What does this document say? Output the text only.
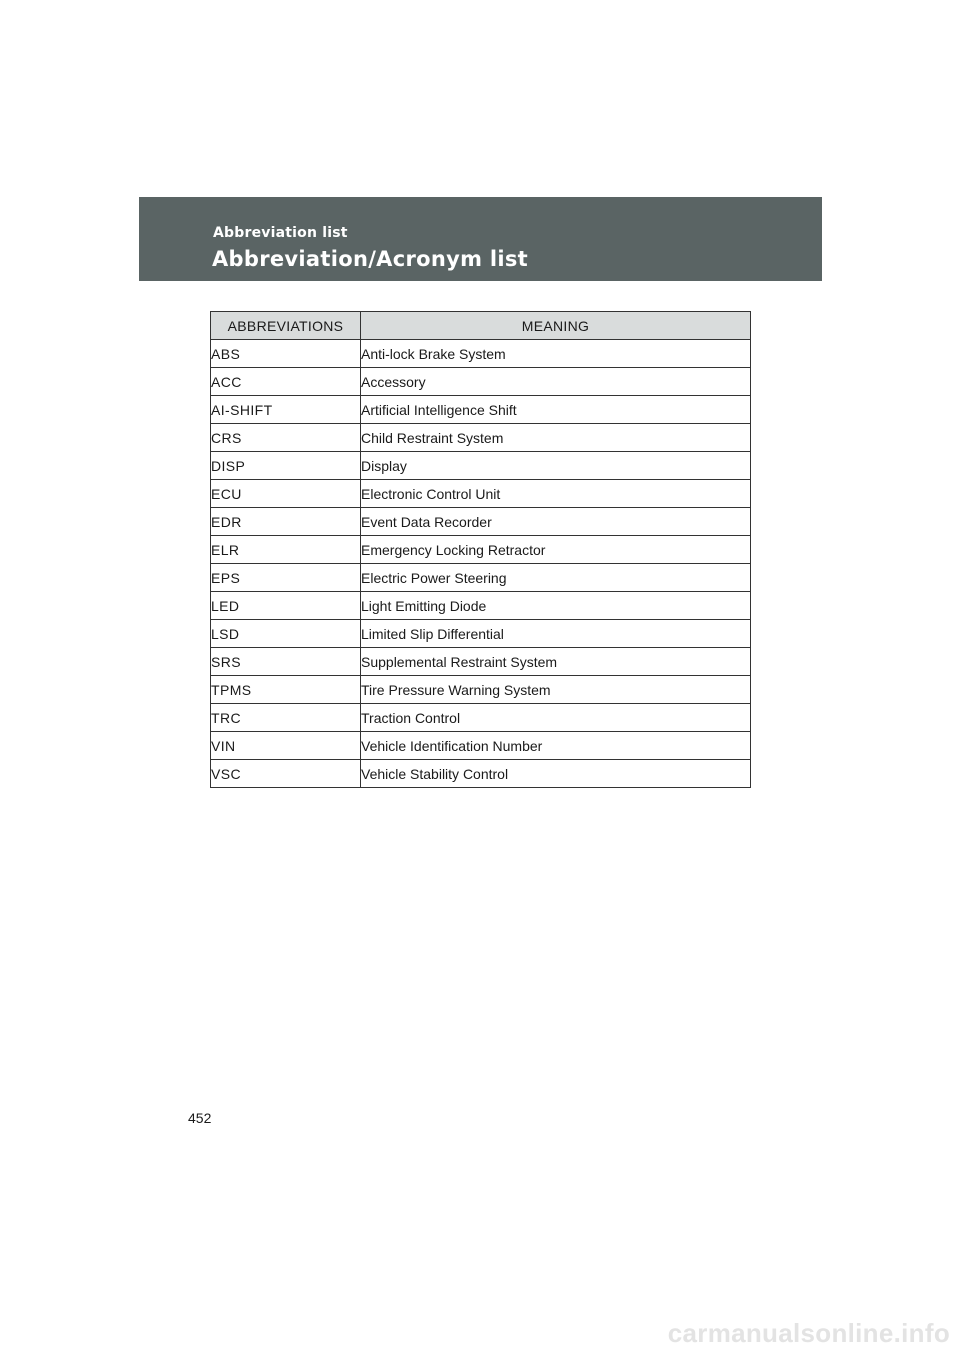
Abbreviation list
Abbreviation/Acronym list
ABBREVIATIONS	MEANING
ABS	Anti-lock Brake System
ACC	Accessory
AI-SHIFT	Artificial Intelligence Shift
CRS	Child Restraint System
DISP	Display
ECU	Electronic Control Unit
EDR	Event Data Recorder
ELR	Emergency Locking Retractor
EPS	Electric Power Steering
LED	Light Emitting Diode
LSD	Limited Slip Differential
SRS	Supplemental Restraint System
TPMS	Tire Pressure Warning System
TRC	Traction Control
VIN	Vehicle Identification Number
VSC	Vehicle Stability Control
452
carmanualsonline.info
